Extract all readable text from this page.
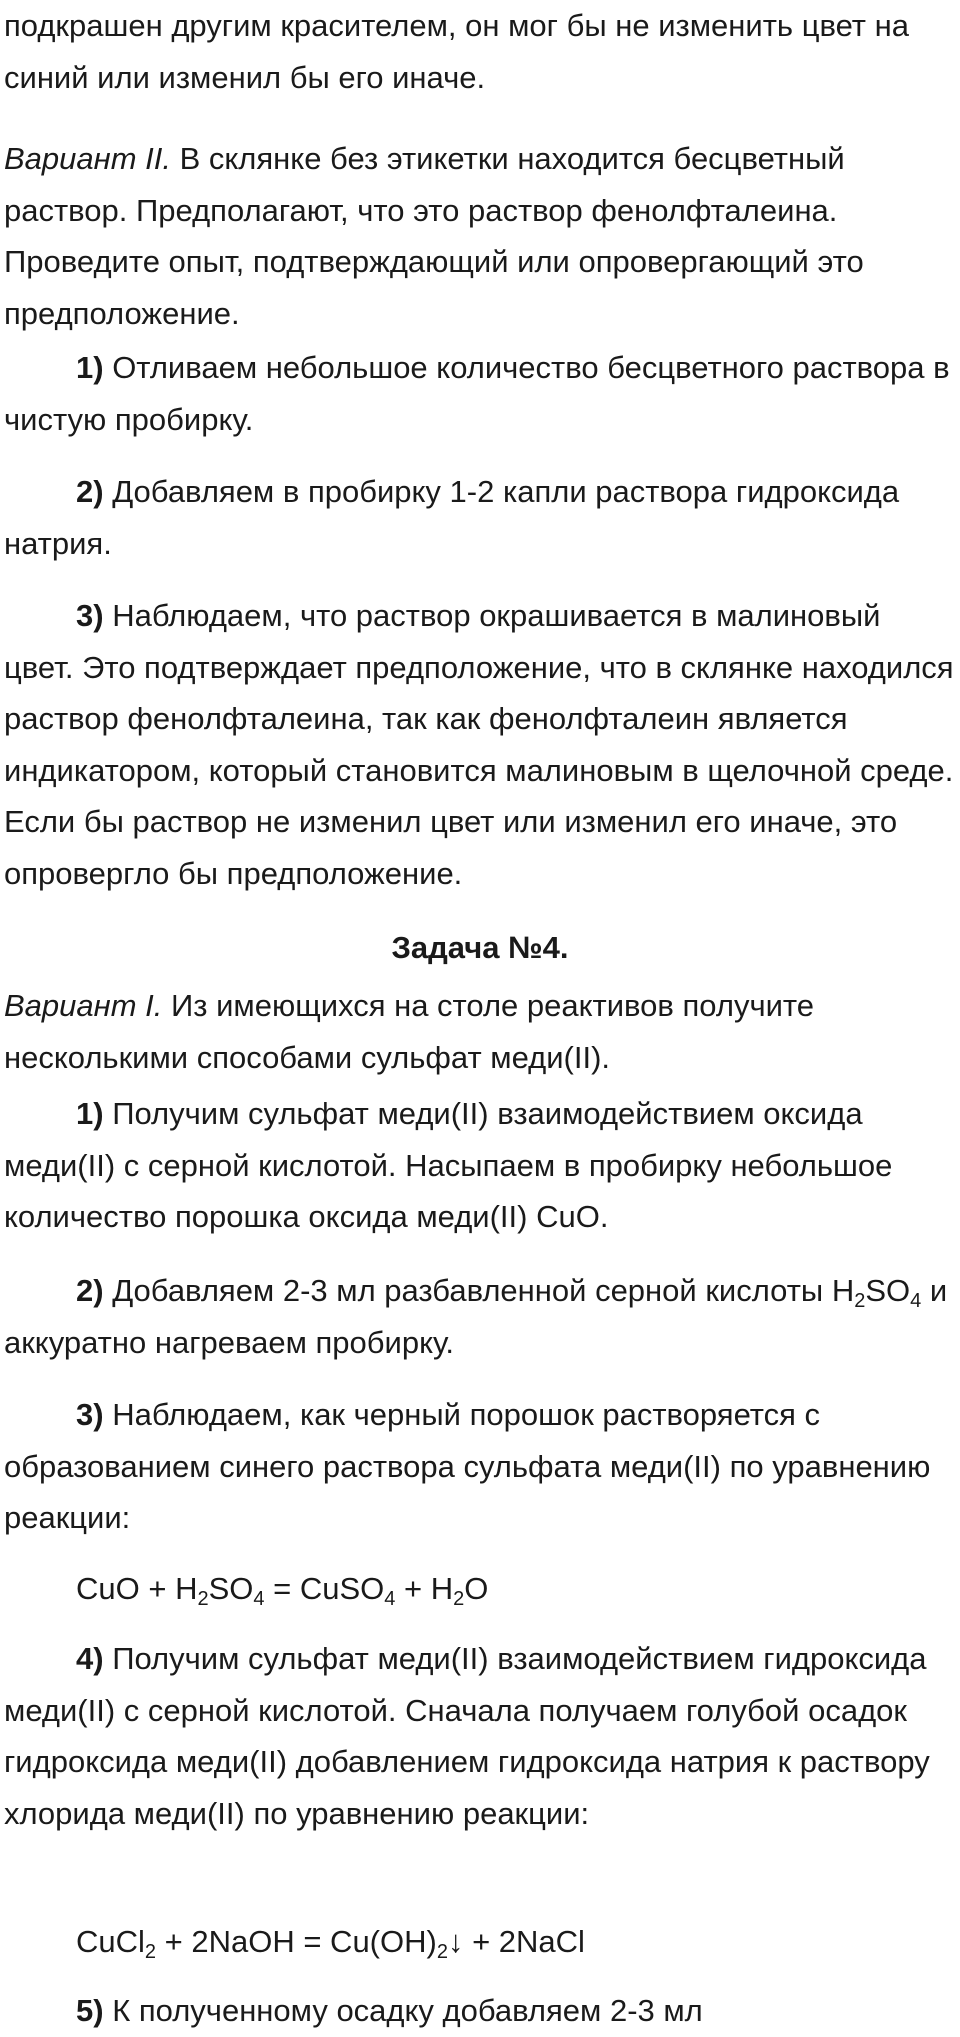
подкрашен другим красителем, он мог бы не изменить цвет на синий или изменил бы его иначе.

Вариант II. В склянке без этикетки находится бесцветный раствор. Предполагают, что это раствор фенолфталеина. Проведите опыт, подтверждающий или опровергающий это предположение.

1) Отливаем небольшое количество бесцветного раствора в чистую пробирку.

2) Добавляем в пробирку 1-2 капли раствора гидроксида натрия.

3) Наблюдаем, что раствор окрашивается в малиновый цвет. Это подтверждает предположение, что в склянке находился раствор фенолфталеина, так как фенолфталеин является индикатором, который становится малиновым в щелочной среде. Если бы раствор не изменил цвет или изменил его иначе, это опровергло бы предположение.

Задача №4.

Вариант I. Из имеющихся на столе реактивов получите несколькими способами сульфат меди(II).

1) Получим сульфат меди(II) взаимодействием оксида меди(II) с серной кислотой. Насыпаем в пробирку небольшое количество порошка оксида меди(II) CuO.

2) Добавляем 2-3 мл разбавленной серной кислоты $H_2SO_4$ и аккуратно нагреваем пробирку.

3) Наблюдаем, как черный порошок растворяется с образованием синего раствора сульфата меди(II) по уравнению реакции:

CuO + $H_2SO_4$ = CuSO$_4$ + $H_2O$

4) Получим сульфат меди(II) взаимодействием гидроксида меди(II) с серной кислотой. Сначала получаем голубой осадок гидроксида меди(II) добавлением гидроксида натрия к раствору хлорида меди(II) по уравнению реакции:

CuCl$_2$ + 2NaOH = $Cu(OH)_2↓$ + 2NaCl

5) К полученному осадку добавляем 2-3 мл
